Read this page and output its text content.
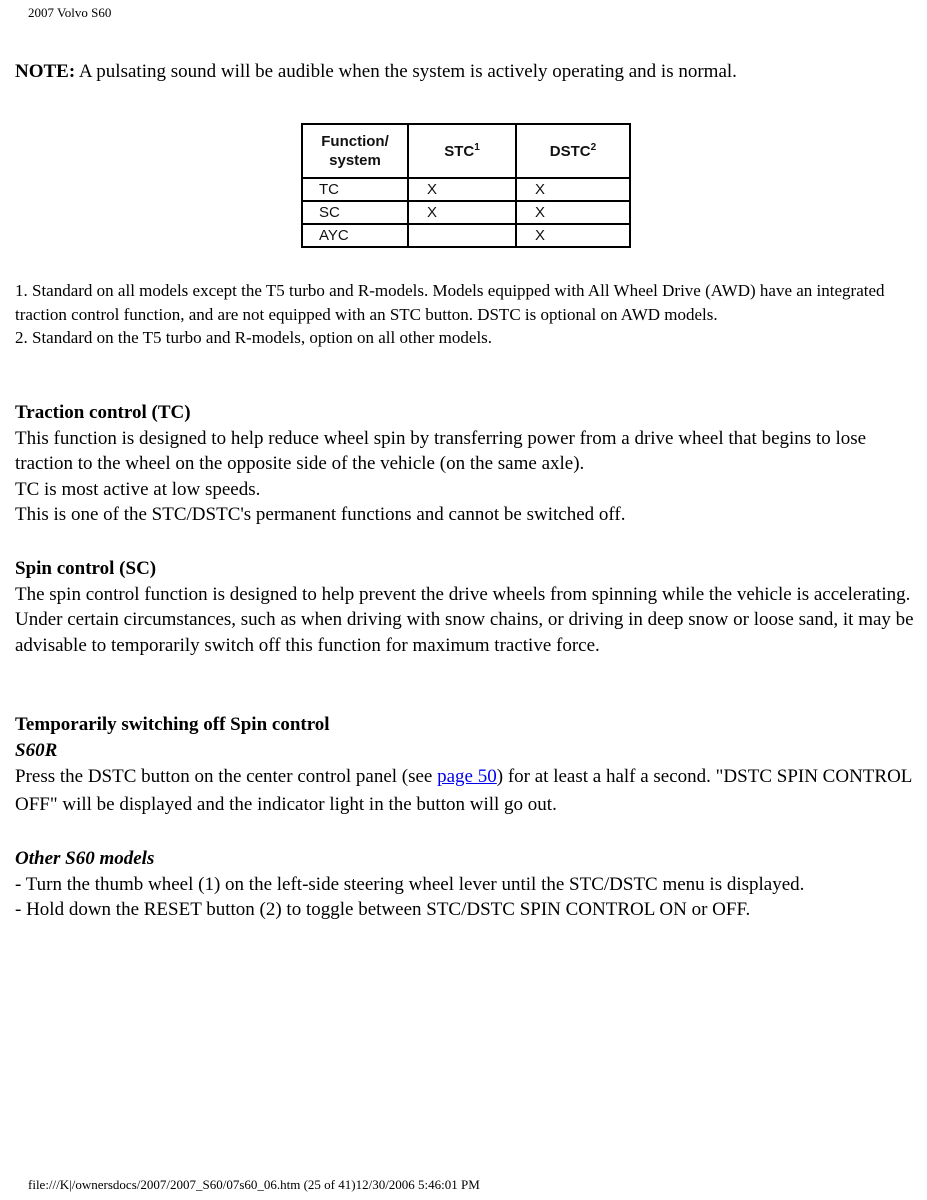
2007 Volvo S60
NOTE: A pulsating sound will be audible when the system is actively operating and is normal.
Function/
system	STC$^1$	DSTC$^2$
TC	X	X
SC	X	X
AYC		X
1. Standard on all models except the T5 turbo and R-models. Models equipped with All Wheel Drive (AWD) have an integrated traction control function, and are not equipped with an STC button. DSTC is optional on AWD models.
2. Standard on the T5 turbo and R-models, option on all other models.
Traction control (TC)
This function is designed to help reduce wheel spin by transferring power from a drive wheel that begins to lose traction to the wheel on the opposite side of the vehicle (on the same axle).
TC is most active at low speeds.
This is one of the STC/DSTC's permanent functions and cannot be switched off.
Spin control (SC)
The spin control function is designed to help prevent the drive wheels from spinning while the vehicle is accelerating. Under certain circumstances, such as when driving with snow chains, or driving in deep snow or loose sand, it may be advisable to temporarily switch off this function for maximum tractive force.
Temporarily switching off Spin control
S60R
Press the DSTC button on the center control panel (see page 50) for at least a half a second. "DSTC SPIN CONTROL OFF" will be displayed and the indicator light in the button will go out.
Other S60 models
- Turn the thumb wheel (1) on the left-side steering wheel lever until the STC/DSTC menu is displayed.
- Hold down the RESET button (2) to toggle between STC/DSTC SPIN CONTROL ON or OFF.
file:///K|/ownersdocs/2007/2007_S60/07s60_06.htm (25 of 41)12/30/2006 5:46:01 PM
